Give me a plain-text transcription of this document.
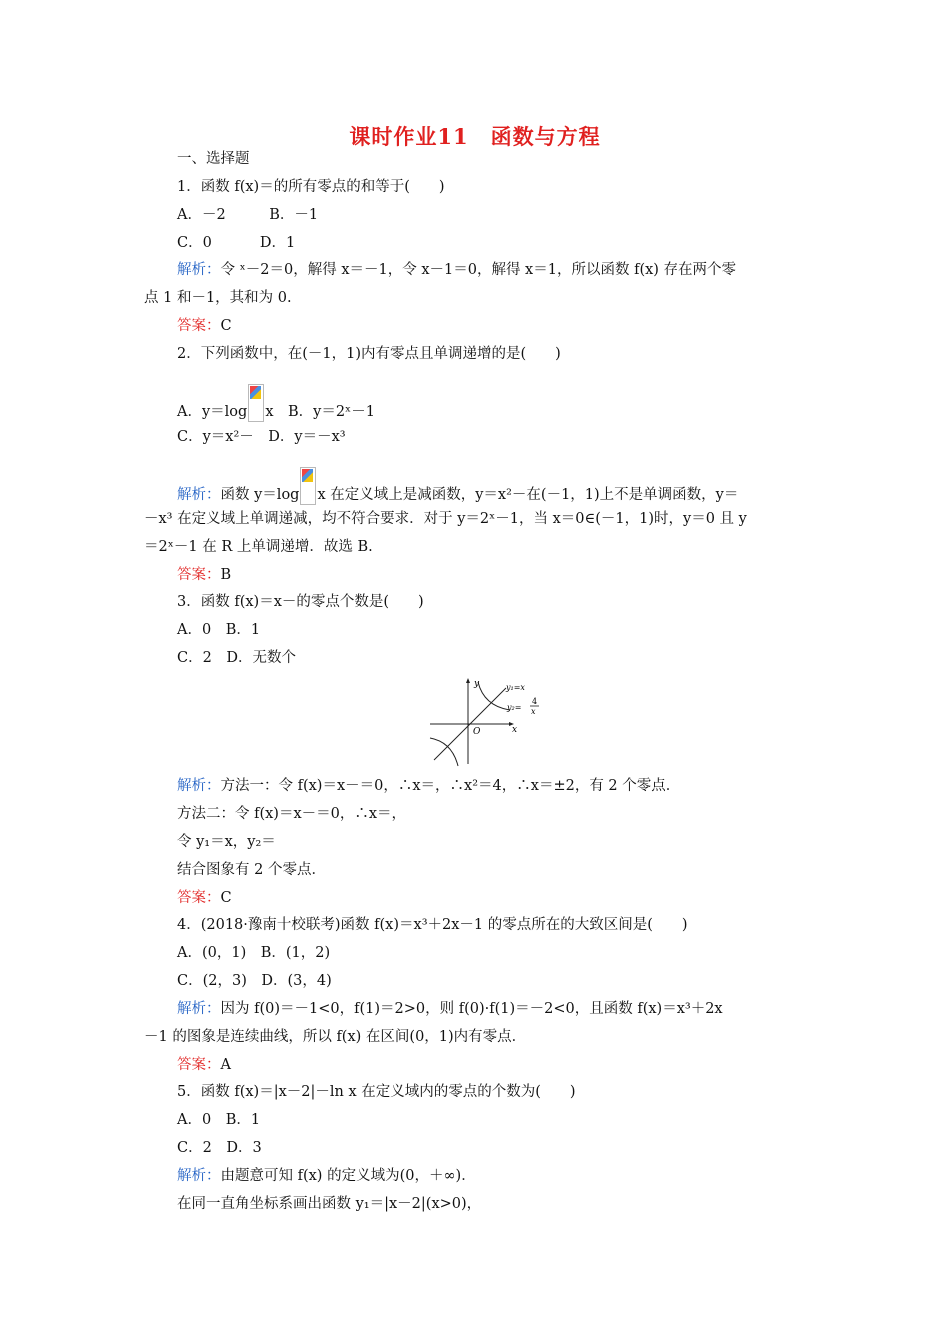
课时作业11　函数与方程
一、选择题
1．函数 f(x)＝的所有零点的和等于(　　)
A．－2　　　B．－1
C．0　　　 D．1
解析：令 ˣ－2＝0，解得 x＝－1，令 x－1＝0，解得 x＝1，所以函数 f(x) 存在两个零
点 1 和－1，其和为 0.
答案：C
2．下列函数中，在(－1，1)内有零点且单调递增的是(　　)
A．y＝log x　B．y＝2ˣ－1
C．y＝x²－　D．y＝－x³
解析：函数 y＝log x 在定义域上是减函数，y＝x²－在(－1，1)上不是单调函数，y＝
－x³ 在定义域上单调递减，均不符合要求．对于 y＝2ˣ－1，当 x＝0∈(－1，1)时，y＝0 且 y
＝2ˣ－1 在 R 上单调递增．故选 B.
答案：B
3．函数 f(x)＝x－的零点个数是(　　)
A．0　B．1
C．2　D．无数个
y
x
O
y₁=x
y₂=
4
x
解析：方法一：令 f(x)＝x－＝0，∴x＝，∴x²＝4，∴x＝±2，有 2 个零点．
方法二：令 f(x)＝x－＝0，∴x＝，
令 y₁＝x，y₂＝
结合图象有 2 个零点．
答案：C
4．(2018·豫南十校联考)函数 f(x)＝x³＋2x－1 的零点所在的大致区间是(　　)
A．(0，1)　B．(1，2)
C．(2，3)　D．(3，4)
解析：因为 f(0)＝－1<0，f(1)＝2>0，则 f(0)·f(1)＝－2<0，且函数 f(x)＝x³＋2x
－1 的图象是连续曲线，所以 f(x) 在区间(0，1)内有零点．
答案：A
5．函数 f(x)＝|x－2|－ln x 在定义域内的零点的个数为(　　)
A．0　B．1
C．2　D．3
解析：由题意可知 f(x) 的定义域为(0，＋∞)．
在同一直角坐标系画出函数 y₁＝|x－2|(x>0)，
